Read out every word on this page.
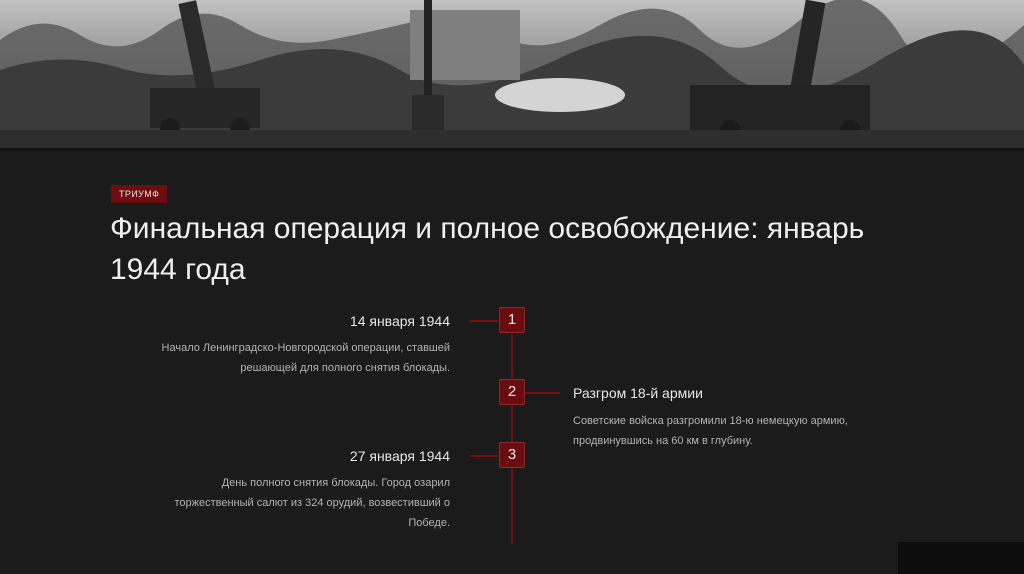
ТРИУМФ
Финальная операция и полное освобождение: январь 1944 года
1
14 января 1944
Начало Ленинградско-Новгородской операции, ставшей решающей для полного снятия блокады.
2	Разгром 18-й армии
Советские войска разгромили 18-ю немецкую армию, продвинувшись на 60 км в глубину.
3
27 января 1944
День полного снятия блокады. Город озарил торжественный салют из 324 орудий, возвестивший о Победе.
